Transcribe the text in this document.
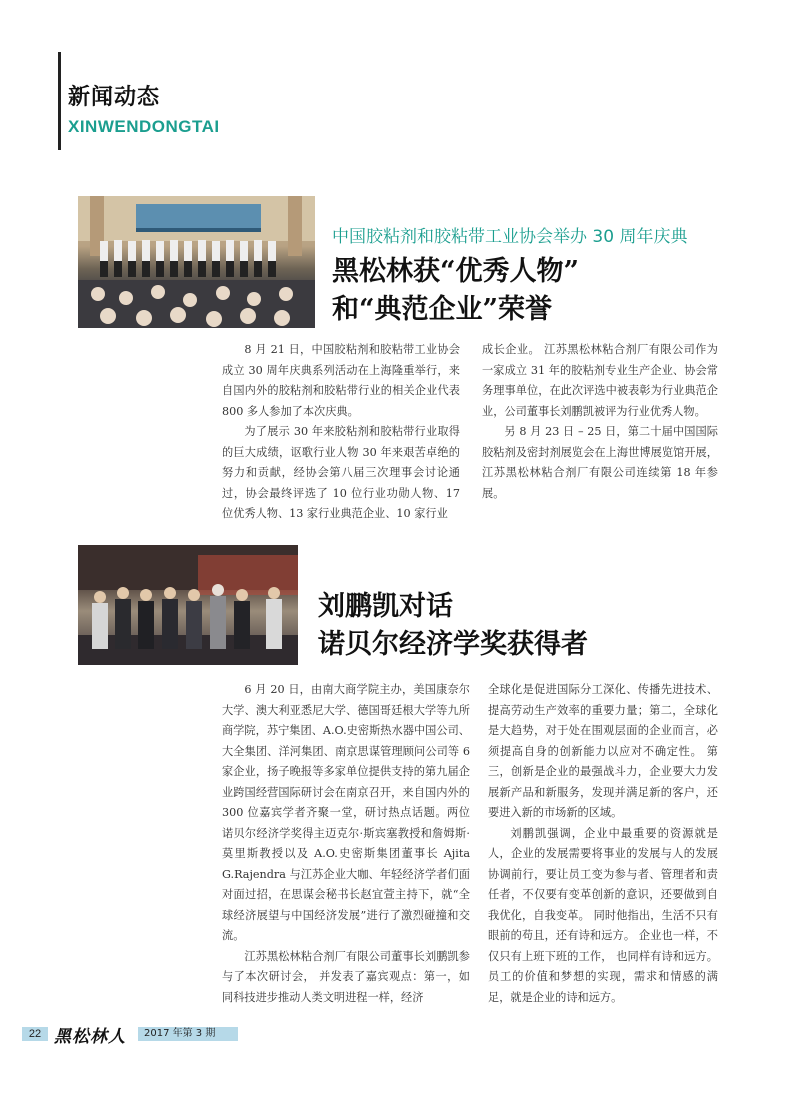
新闻动态
XINWENDONGTAI
中国胶粘剂和胶粘带工业协会举办 30 周年庆典
黑松林获“优秀人物”
和“典范企业”荣誉

8 月 21 日，中国胶粘剂和胶粘带工业协会成立 30 周年庆典系列活动在上海隆重举行，来自国内外的胶粘剂和胶粘带行业的相关企业代表 800 多人参加了本次庆典。

为了展示 30 年来胶粘剂和胶粘带行业取得的巨大成绩，讴歌行业人物 30 年来艰苦卓绝的努力和贡献，经协会第八届三次理事会讨论通过，协会最终评选了 10 位行业功勋人物、17 位优秀人物、13 家行业典范企业、10 家行业

成长企业。 江苏黑松林粘合剂厂有限公司作为一家成立 31 年的胶粘剂专业生产企业、协会常务理事单位，在此次评选中被表彰为行业典范企业，公司董事长刘鹏凯被评为行业优秀人物。

另 8 月 23 日 – 25 日，第二十届中国国际胶粘剂及密封剂展览会在上海世博展览馆开展， 江苏黑松林粘合剂厂有限公司连续第 18 年参展。

刘鹏凯对话
诺贝尔经济学奖获得者

6 月 20 日，由南大商学院主办，美国康奈尔大学、澳大利亚悉尼大学、德国哥廷根大学等九所商学院，苏宁集团、A.O.史密斯热水器中国公司、大全集团、洋河集团、南京思谋管理顾问公司等 6 家企业，扬子晚报等多家单位提供支持的第九届企业跨国经营国际研讨会在南京召开，来自国内外的 300 位嘉宾学者齐聚一堂，研讨热点话题。两位诺贝尔经济学奖得主迈克尔·斯宾塞教授和詹姆斯·莫里斯教授以及 A.O.史密斯集团董事长 Ajita G.Rajendra 与江苏企业大咖、年轻经济学者们面对面过招，在思谋会秘书长赵宜萱主持下，就“全球经济展望与中国经济发展”进行了激烈碰撞和交流。

江苏黑松林粘合剂厂有限公司董事长刘鹏凯参与了本次研讨会， 并发表了嘉宾观点：第一，如同科技进步推动人类文明进程一样，经济

全球化是促进国际分工深化、传播先进技术、提高劳动生产效率的重要力量；第二，全球化是大趋势，对于处在围观层面的企业而言，必须提高自身的创新能力以应对不确定性。 第三，创新是企业的最强战斗力，企业要大力发展新产品和新服务，发现并满足新的客户，还要进入新的市场新的区域。

刘鹏凯强调，企业中最重要的资源就是人，企业的发展需要将事业的发展与人的发展协调前行，要让员工变为参与者、管理者和责任者，不仅要有变革创新的意识，还要做到自我优化，自我变革。 同时他指出，生活不只有眼前的苟且，还有诗和远方。 企业也一样，不仅只有上班下班的工作， 也同样有诗和远方。员工的价值和梦想的实现，需求和情感的满足，就是企业的诗和远方。

22 黑松林人	2017 年第 3 期
